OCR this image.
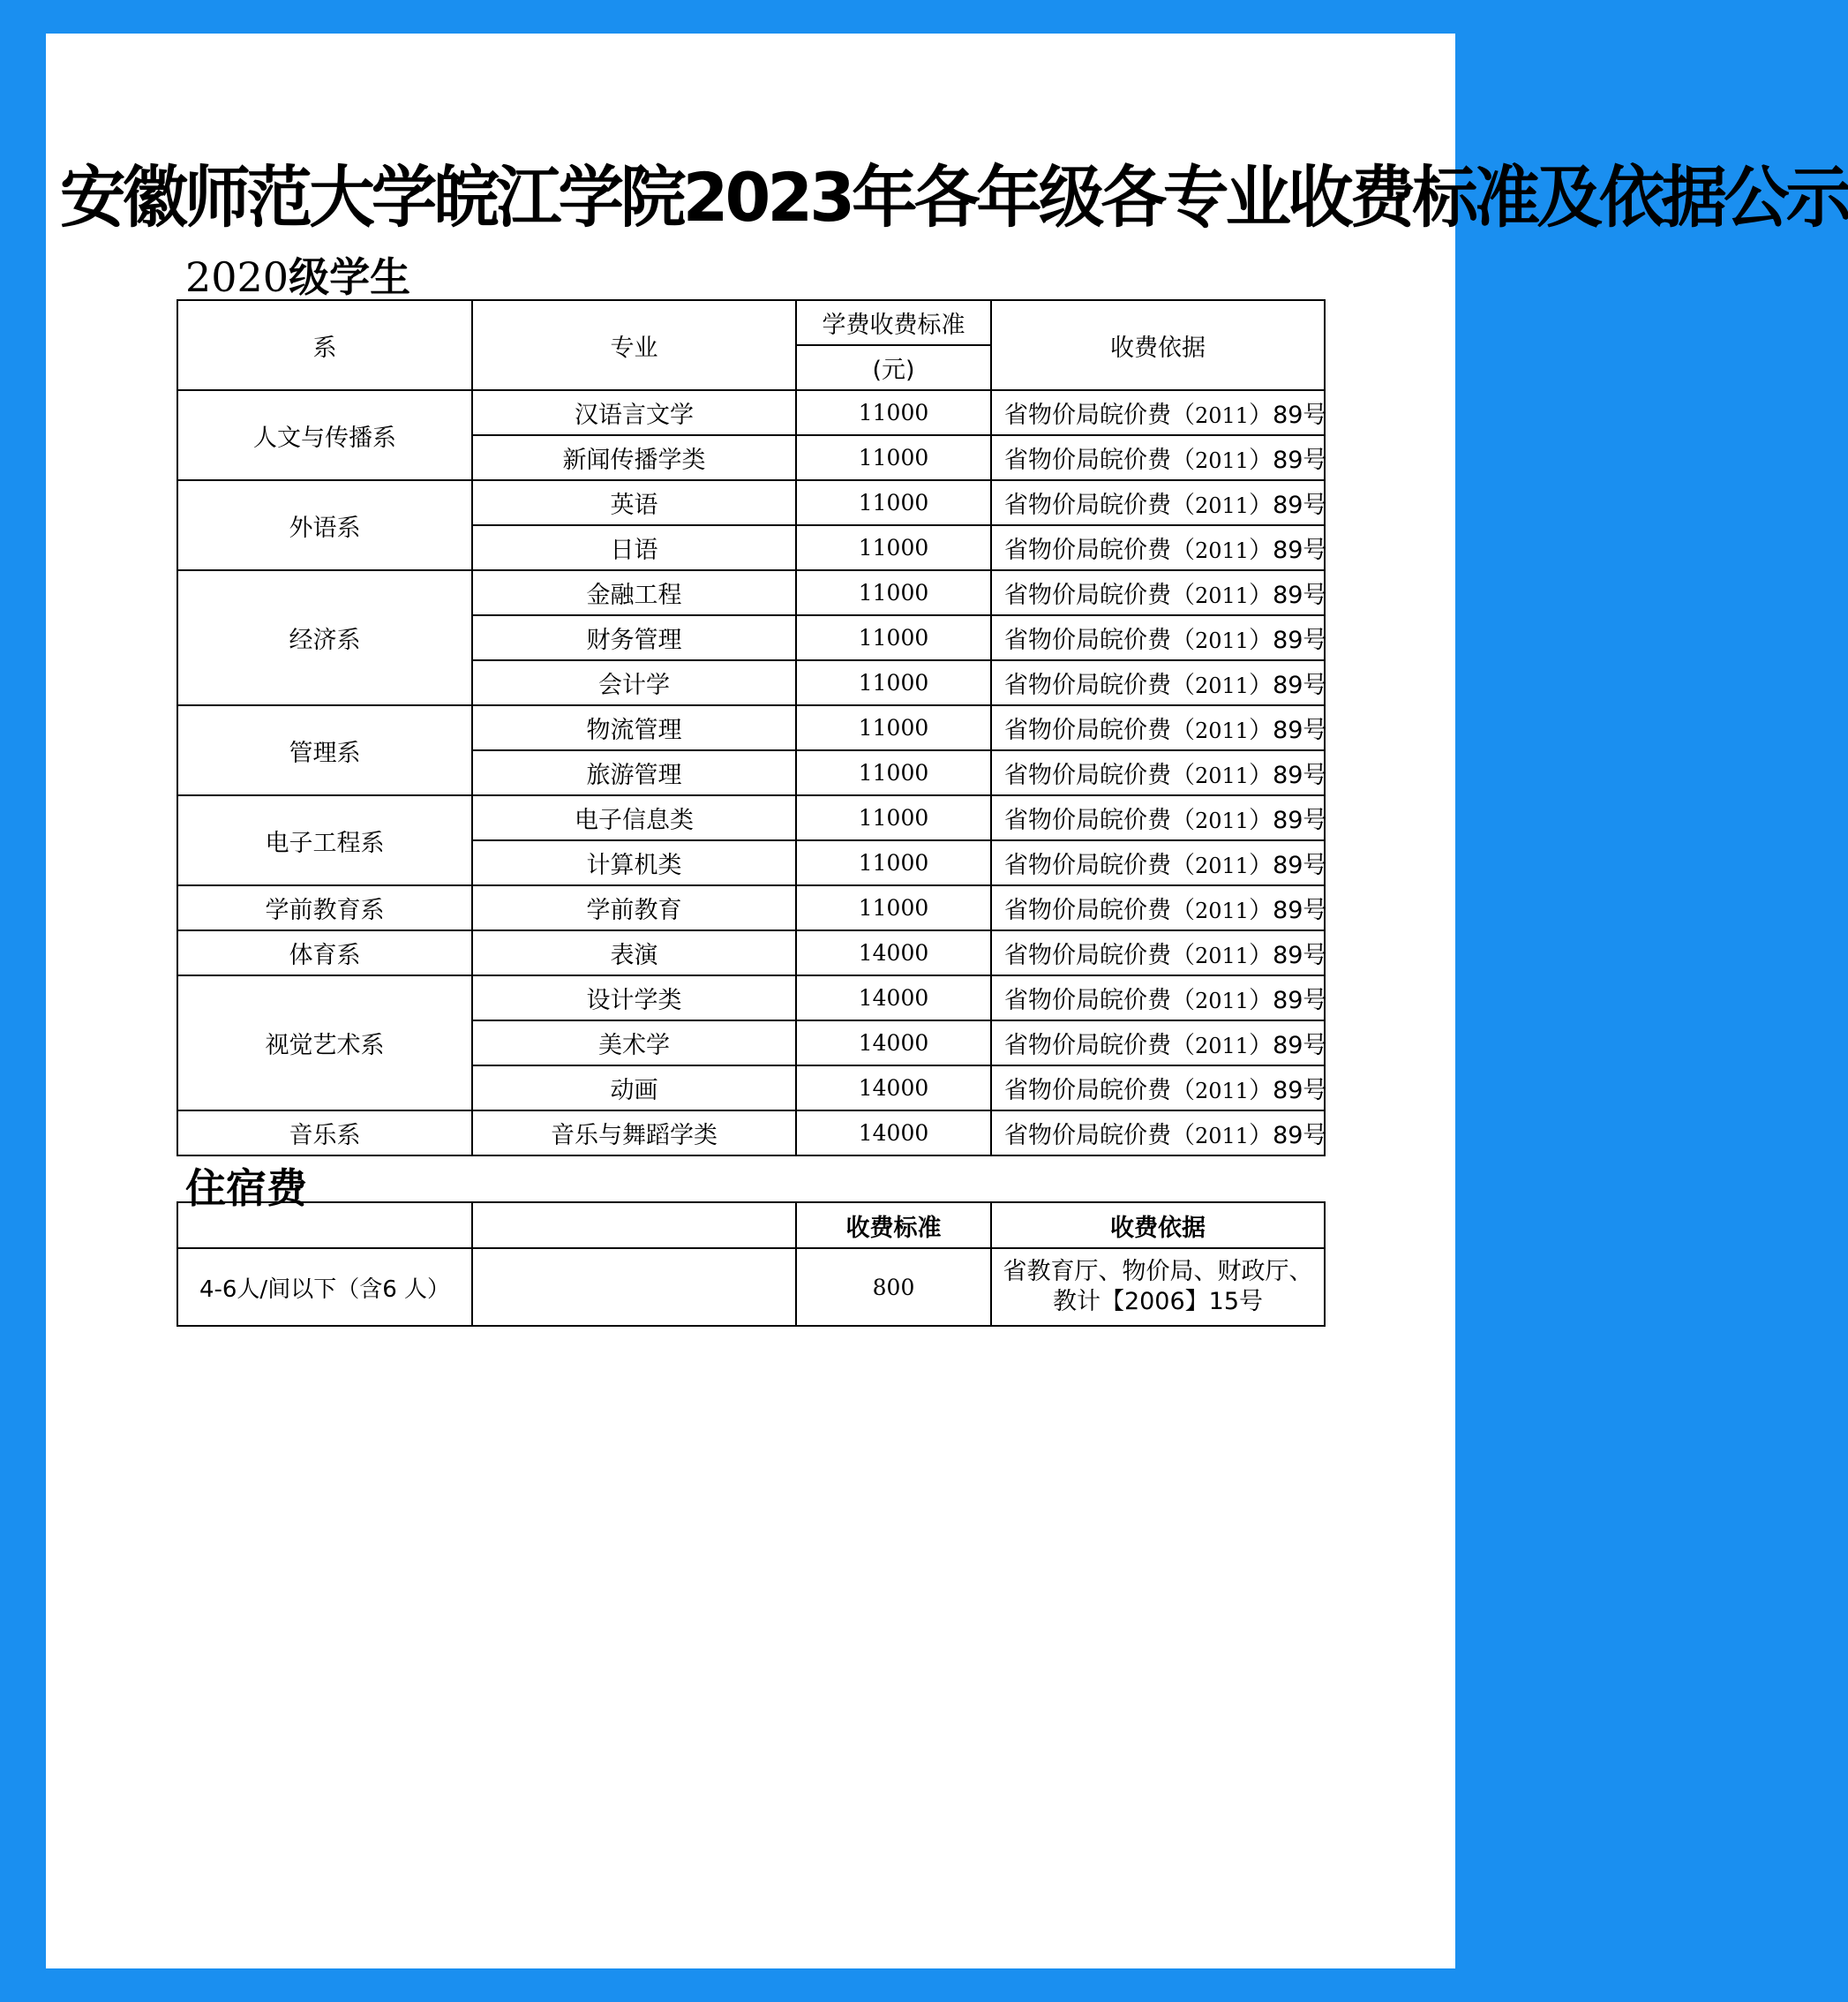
安徽师范大学皖江学院2023年各年级各专业收费标准及依据公示
2020级学生
系	专业	学费收费标准	收费依据
		(元)	
人文与传播系	汉语言文学	11000	省物价局皖价费（2011）89号
	新闻传播学类	11000	省物价局皖价费（2011）89号
外语系	英语	11000	省物价局皖价费（2011）89号
	日语	11000	省物价局皖价费（2011）89号
经济系	金融工程	11000	省物价局皖价费（2011）89号
	财务管理	11000	省物价局皖价费（2011）89号
	会计学	11000	省物价局皖价费（2011）89号
管理系	物流管理	11000	省物价局皖价费（2011）89号
	旅游管理	11000	省物价局皖价费（2011）89号
电子工程系	电子信息类	11000	省物价局皖价费（2011）89号
	计算机类	11000	省物价局皖价费（2011）89号
学前教育系	学前教育	11000	省物价局皖价费（2011）89号
体育系	表演	14000	省物价局皖价费（2011）89号
视觉艺术系	设计学类	14000	省物价局皖价费（2011）89号
	美术学	14000	省物价局皖价费（2011）89号
	动画	14000	省物价局皖价费（2011）89号
音乐系	音乐与舞蹈学类	14000	省物价局皖价费（2011）89号
住宿费
		收费标准	收费依据
4-6人/间以下（含6 人）		800	省教育厅、物价局、财政厅、
教计【2006】15号
